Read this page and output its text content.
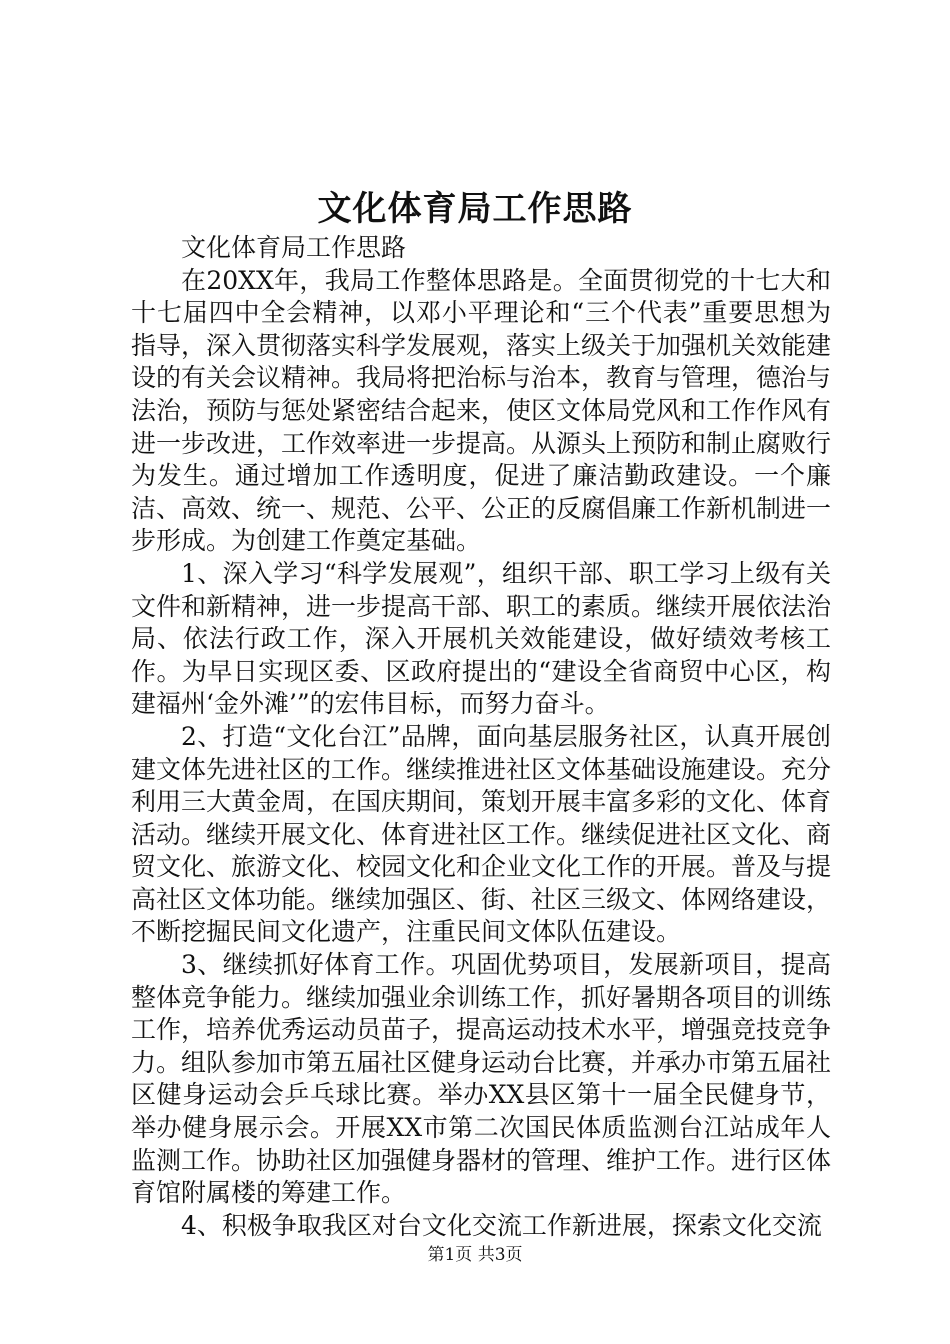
文化体育局工作思路

文化体育局工作思路

在20XX年，我局工作整体思路是。全面贯彻党的十七大和十七届四中全会精神，以邓小平理论和“三个代表”重要思想为指导，深入贯彻落实科学发展观，落实上级关于加强机关效能建设的有关会议精神。我局将把治标与治本，教育与管理，德治与法治，预防与惩处紧密结合起来，使区文体局党风和工作作风有进一步改进，工作效率进一步提高。从源头上预防和制止腐败行为发生。通过增加工作透明度，促进了廉洁勤政建设。一个廉洁、高效、统一、规范、公平、公正的反腐倡廉工作新机制进一步形成。为创建工作奠定基础。

1、深入学习“科学发展观”，组织干部、职工学习上级有关文件和新精神，进一步提高干部、职工的素质。继续开展依法治局、依法行政工作，深入开展机关效能建设，做好绩效考核工作。为早日实现区委、区政府提出的“建设全省商贸中心区，构建福州‘金外滩’”的宏伟目标，而努力奋斗。

2、打造“文化台江”品牌，面向基层服务社区，认真开展创建文体先进社区的工作。继续推进社区文体基础设施建设。充分利用三大黄金周，在国庆期间，策划开展丰富多彩的文化、体育活动。继续开展文化、体育进社区工作。继续促进社区文化、商贸文化、旅游文化、校园文化和企业文化工作的开展。普及与提高社区文体功能。继续加强区、街、社区三级文、体网络建设，不断挖掘民间文化遗产，注重民间文体队伍建设。

3、继续抓好体育工作。巩固优势项目，发展新项目，提高整体竞争能力。继续加强业余训练工作，抓好暑期各项目的训练工作，培养优秀运动员苗子，提高运动技术水平，增强竞技竞争力。组队参加市第五届社区健身运动台比赛，并承办市第五届社区健身运动会乒乓球比赛。举办XX县区第十一届全民健身节，举办健身展示会。开展XX市第二次国民体质监测台江站成年人监测工作。协助社区加强健身器材的管理、维护工作。进行区体育馆附属楼的筹建工作。

4、积极争取我区对台文化交流工作新进展，探索文化交流

第1页 共3页
